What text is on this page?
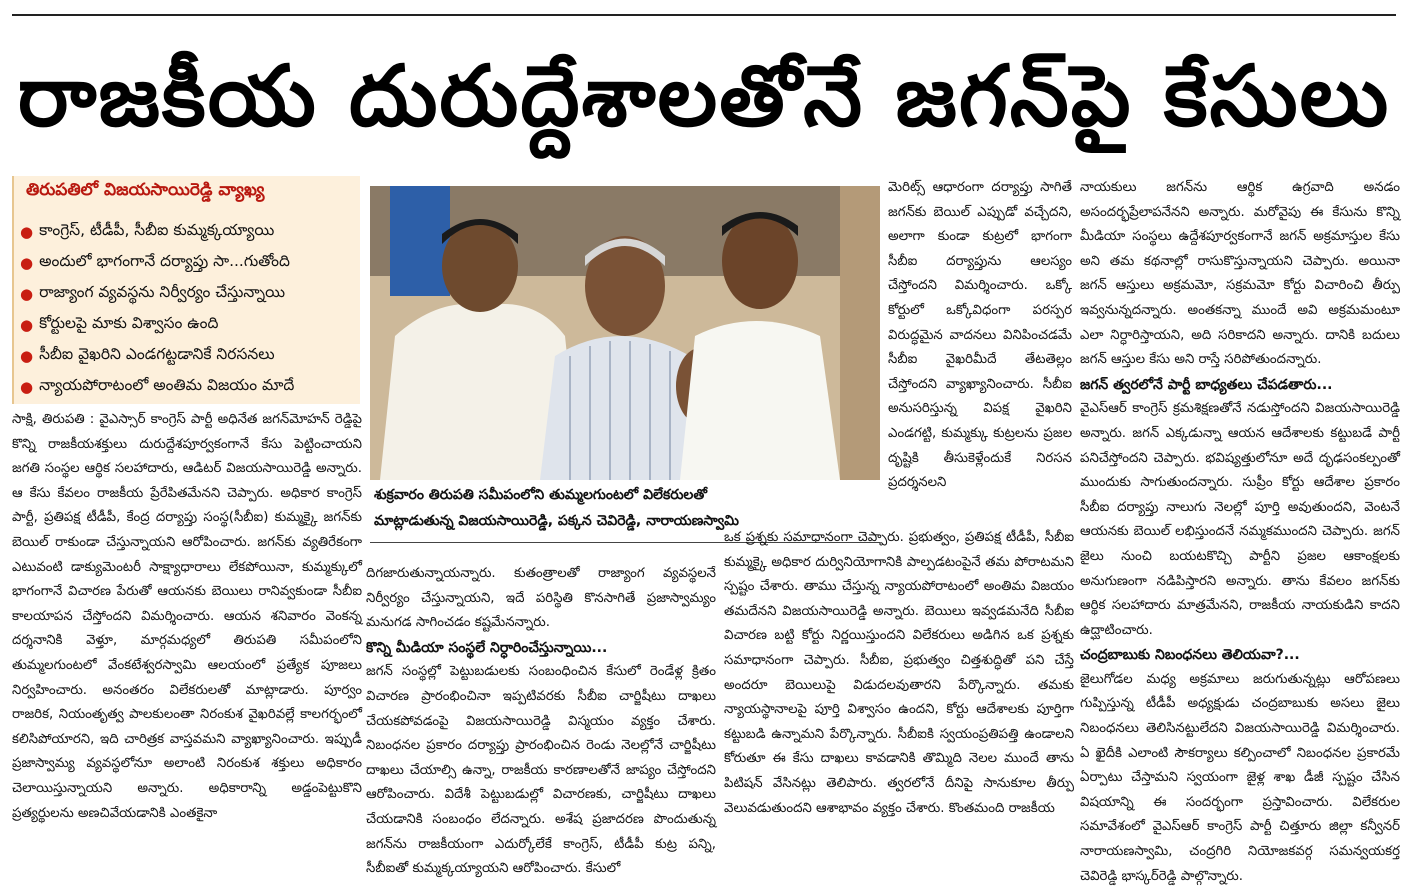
రాజకీయ దురుద్దేశాలతోనే జగన్‌పై కేసులు
తిరుపతిలో విజయసాయిరెడ్డి వ్యాఖ్య
● కాంగ్రెస్, టీడీపీ, సీబీఐ కుమ్మక్కయ్యాయి
● అందులో భాగంగానే దర్యాప్తు సా...గుతోంది
● రాజ్యాంగ వ్యవస్థను నిర్వీర్యం చేస్తున్నాయి
● కోర్టులపై మాకు విశ్వాసం ఉంది
● సీబీఐ వైఖరిని ఎండగట్టడానికే నిరసనలు
● న్యాయపోరాటంలో అంతిమ విజయం మాదే
శుక్రవారం తిరుపతి సమీపంలోని తుమ్మలగుంటలో విలేకరులతో
మాట్లాడుతున్న విజయసాయిరెడ్డి, పక్కన చెవిరెడ్డి, నారాయణస్వామి

సాక్షి, తిరుపతి : వైఎస్సార్ కాంగ్రెస్ పార్టీ అధినేత జగన్‌మోహన్ రెడ్డిపై కొన్ని రాజకీయశక్తులు దురుద్దేశపూర్వకంగానే కేసు పెట్టించాయని జగతి సంస్థల ఆర్థిక సలహాదారు, ఆడిటర్ విజయసాయిరెడ్డి అన్నారు. ఆ కేసు కేవలం రాజకీయ ప్రేరేపితమేనని చెప్పారు. అధికార కాంగ్రెస్ పార్టీ, ప్రతిపక్ష టీడీపీ, కేంద్ర దర్యాప్తు సంస్థ(సీబీఐ) కుమ్మక్కై జగన్‌కు బెయిల్ రాకుండా చేస్తున్నాయని ఆరోపించారు. జగన్‌కు వ్యతిరేకంగా ఎటువంటి డాక్యుమెంటరీ సాక్ష్యాధారాలు లేకపోయినా, కుమ్మక్కులో భాగంగానే విచారణ పేరుతో ఆయనకు బెయిలు రానివ్వకుండా సీబీఐ కాలయాపన చేస్తోందని విమర్శించారు. ఆయన శనివారం వెంకన్న దర్శనానికి వెళ్తూ, మార్గమధ్యలో తిరుపతి సమీపంలోని తుమ్మలగుంటలో వేంకటేశ్వరస్వామి ఆలయంలో ప్రత్యేక పూజలు నిర్వహించారు. అనంతరం విలేకరులతో మాట్లాడారు. పూర్వం రాజరిక, నియంతృత్వ పాలకులంతా నిరంకుశ వైఖరివల్లే కాలగర్భంలో కలిసిపోయారని, ఇది చారిత్రక వాస్తవమని వ్యాఖ్యానించారు. ఇప్పుడీ ప్రజాస్వామ్య వ్యవస్థలోనూ అలాంటి నిరంకుశ శక్తులు అధికారం చెలాయిస్తున్నాయని అన్నారు. అధికారాన్ని అడ్డంపెట్టుకొని ప్రత్యర్థులను అణచివేయడానికి ఎంతకైనా

దిగజారుతున్నాయన్నారు. కుతంత్రాలతో రాజ్యాంగ వ్యవస్థలనే నిర్వీర్యం చేస్తున్నాయని, ఇదే పరిస్థితి కొనసాగితే ప్రజాస్వామ్యం మనుగడ సాగించడం కష్టమేనన్నారు.

కొన్ని మీడియా సంస్థలే నిర్ధారించేస్తున్నాయి...

జగన్ సంస్థల్లో పెట్టుబడులకు సంబంధించిన కేసులో రెండేళ్ల క్రితం విచారణ ప్రారంభించినా ఇప్పటివరకు సీబీఐ చార్జిషీటు దాఖలు చేయకపోవడంపై విజయసాయిరెడ్డి విస్మయం వ్యక్తం చేశారు. నిబంధనల ప్రకారం దర్యాప్తు ప్రారంభించిన రెండు నెలల్లోనే చార్జిషీటు దాఖలు చేయాల్సి ఉన్నా, రాజకీయ కారణాలతోనే జాప్యం చేస్తోందని ఆరోపించారు. విదేశీ పెట్టుబడుల్లో విచారణకు, చార్జిషీటు దాఖలు చేయడానికి సంబంధం లేదన్నారు. అశేష ప్రజాదరణ పొందుతున్న జగన్‌ను రాజకీయంగా ఎదుర్కోలేకే కాంగ్రెస్, టీడీపీ కుట్ర పన్ని, సీబీఐతో కుమ్మక్కయ్యాయని ఆరోపించారు. కేసులో

మెరిట్స్ ఆధారంగా దర్యాప్తు సాగితే జగన్‌కు బెయిల్ ఎప్పుడో వచ్చేదని, అలాగా కుండా కుట్రలో భాగంగా సీబీఐ దర్యాప్తును ఆలస్యం చేస్తోందని విమర్శించారు. ఒక్కో కోర్టులో ఒక్కోవిధంగా పరస్పర విరుద్ధమైన వాదనలు వినిపించడమే సీబీఐ వైఖరిమీదే తేటతెల్లం చేస్తోందని వ్యాఖ్యానించారు. సీబీఐ అనుసరిస్తున్న విపక్ష వైఖరిని ఎండగట్టి, కుమ్మక్కు కుట్రలను ప్రజల దృష్టికి తీసుకెళ్లేందుకే నిరసన ప్రదర్శనలని

ఒక ప్రశ్నకు సమాధానంగా చెప్పారు. ప్రభుత్వం, ప్రతిపక్ష టీడీపీ, సీబీఐ కుమ్మక్కై అధికార దుర్వినియోగానికి పాల్పడటంపైనే తమ పోరాటమని స్పష్టం చేశారు. తాము చేస్తున్న న్యాయపోరాటంలో అంతిమ విజయం తమదేనని విజయసాయిరెడ్డి అన్నారు. బెయిలు ఇవ్వడమనేది సీబీఐ విచారణ బట్టి కోర్టు నిర్ణయిస్తుందని విలేకరులు అడిగిన ఒక ప్రశ్నకు సమాధానంగా చెప్పారు. సీబీఐ, ప్రభుత్వం చిత్తశుద్ధితో పని చేస్తే అందరూ బెయిలుపై విడుదలవుతారని పేర్కొన్నారు. తమకు న్యాయస్థానాలపై పూర్తి విశ్వాసం ఉందని, కోర్టు ఆదేశాలకు పూర్తిగా కట్టుబడి ఉన్నామని పేర్కొన్నారు. సీబీఐకి స్వయంప్రతిపత్తి ఉండాలని కోరుతూ ఈ కేసు దాఖలు కావడానికి తొమ్మిది నెలల ముందే తాను పిటిషన్ వేసినట్లు తెలిపారు. త్వరలోనే దీనిపై సానుకూల తీర్పు వెలువడుతుందని ఆశాభావం వ్యక్తం చేశారు. కొంతమంది రాజకీయ

నాయకులు జగన్‌ను ఆర్థిక ఉగ్రవాది అనడం అసందర్భప్రేలాపనేనని అన్నారు. మరోవైపు ఈ కేసును కొన్ని మీడియా సంస్థలు ఉద్దేశపూర్వకంగానే జగన్ అక్రమాస్తుల కేసు అని తమ కథనాల్లో రాసుకొస్తున్నాయని చెప్పారు. అయినా జగన్ ఆస్తులు అక్రమమో, సక్రమమో కోర్టు విచారించి తీర్పు ఇవ్వనున్నదన్నారు. అంతకన్నా ముందే అవి అక్రమమంటూ ఎలా నిర్ధారిస్తాయని, అది సరికాదని అన్నారు. దానికి బదులు జగన్ ఆస్తుల కేసు అని రాస్తే సరిపోతుందన్నారు.

జగన్ త్వరలోనే పార్టీ బాధ్యతలు చేపడతారు...

వైఎస్ఆర్ కాంగ్రెస్ క్రమశిక్షణతోనే నడుస్తోందని విజయసాయిరెడ్డి అన్నారు. జగన్ ఎక్కడున్నా ఆయన ఆదేశాలకు కట్టుబడే పార్టీ పనిచేస్తోందని చెప్పారు. భవిష్యత్తులోనూ అదే దృఢసంకల్పంతో ముందుకు సాగుతుందన్నారు. సుప్రీం కోర్టు ఆదేశాల ప్రకారం సీబీఐ దర్యాప్తు నాలుగు నెలల్లో పూర్తి అవుతుందని, వెంటనే ఆయనకు బెయిల్ లభిస్తుందనే నమ్మకముందని చెప్పారు. జగన్ జైలు నుంచి బయటకొచ్చి పార్టీని ప్రజల ఆకాంక్షలకు అనుగుణంగా నడిపిస్తారని అన్నారు. తాను కేవలం జగన్‌కు ఆర్థిక సలహాదారు మాత్రమేనని, రాజకీయ నాయకుడిని కాదని ఉద్ఘాటించారు.

చంద్రబాబుకు నిబంధనలు తెలియవా?...

జైలుగోడల మధ్య అక్రమాలు జరుగుతున్నట్లు ఆరోపణలు గుప్పిస్తున్న టీడీపీ అధ్యక్షుడు చంద్రబాబుకు అసలు జైలు నిబంధనలు తెలిసినట్టులేదని విజయసాయిరెడ్డి విమర్శించారు. ఏ ఖైదీకి ఎలాంటి సౌకర్యాలు కల్పించాలో నిబంధనల ప్రకారమే ఏర్పాటు చేస్తామని స్వయంగా జైళ్ల శాఖ డీజీ స్పష్టం చేసిన విషయాన్ని ఈ సందర్భంగా ప్రస్తావించారు. విలేకరుల సమావేశంలో వైఎస్ఆర్ కాంగ్రెస్ పార్టీ చిత్తూరు జిల్లా కన్వీనర్ నారాయణస్వామి, చంద్రగిరి నియోజకవర్గ సమన్వయకర్త చెవిరెడ్డి భాస్కర్‌రెడ్డి పాల్గొన్నారు.
